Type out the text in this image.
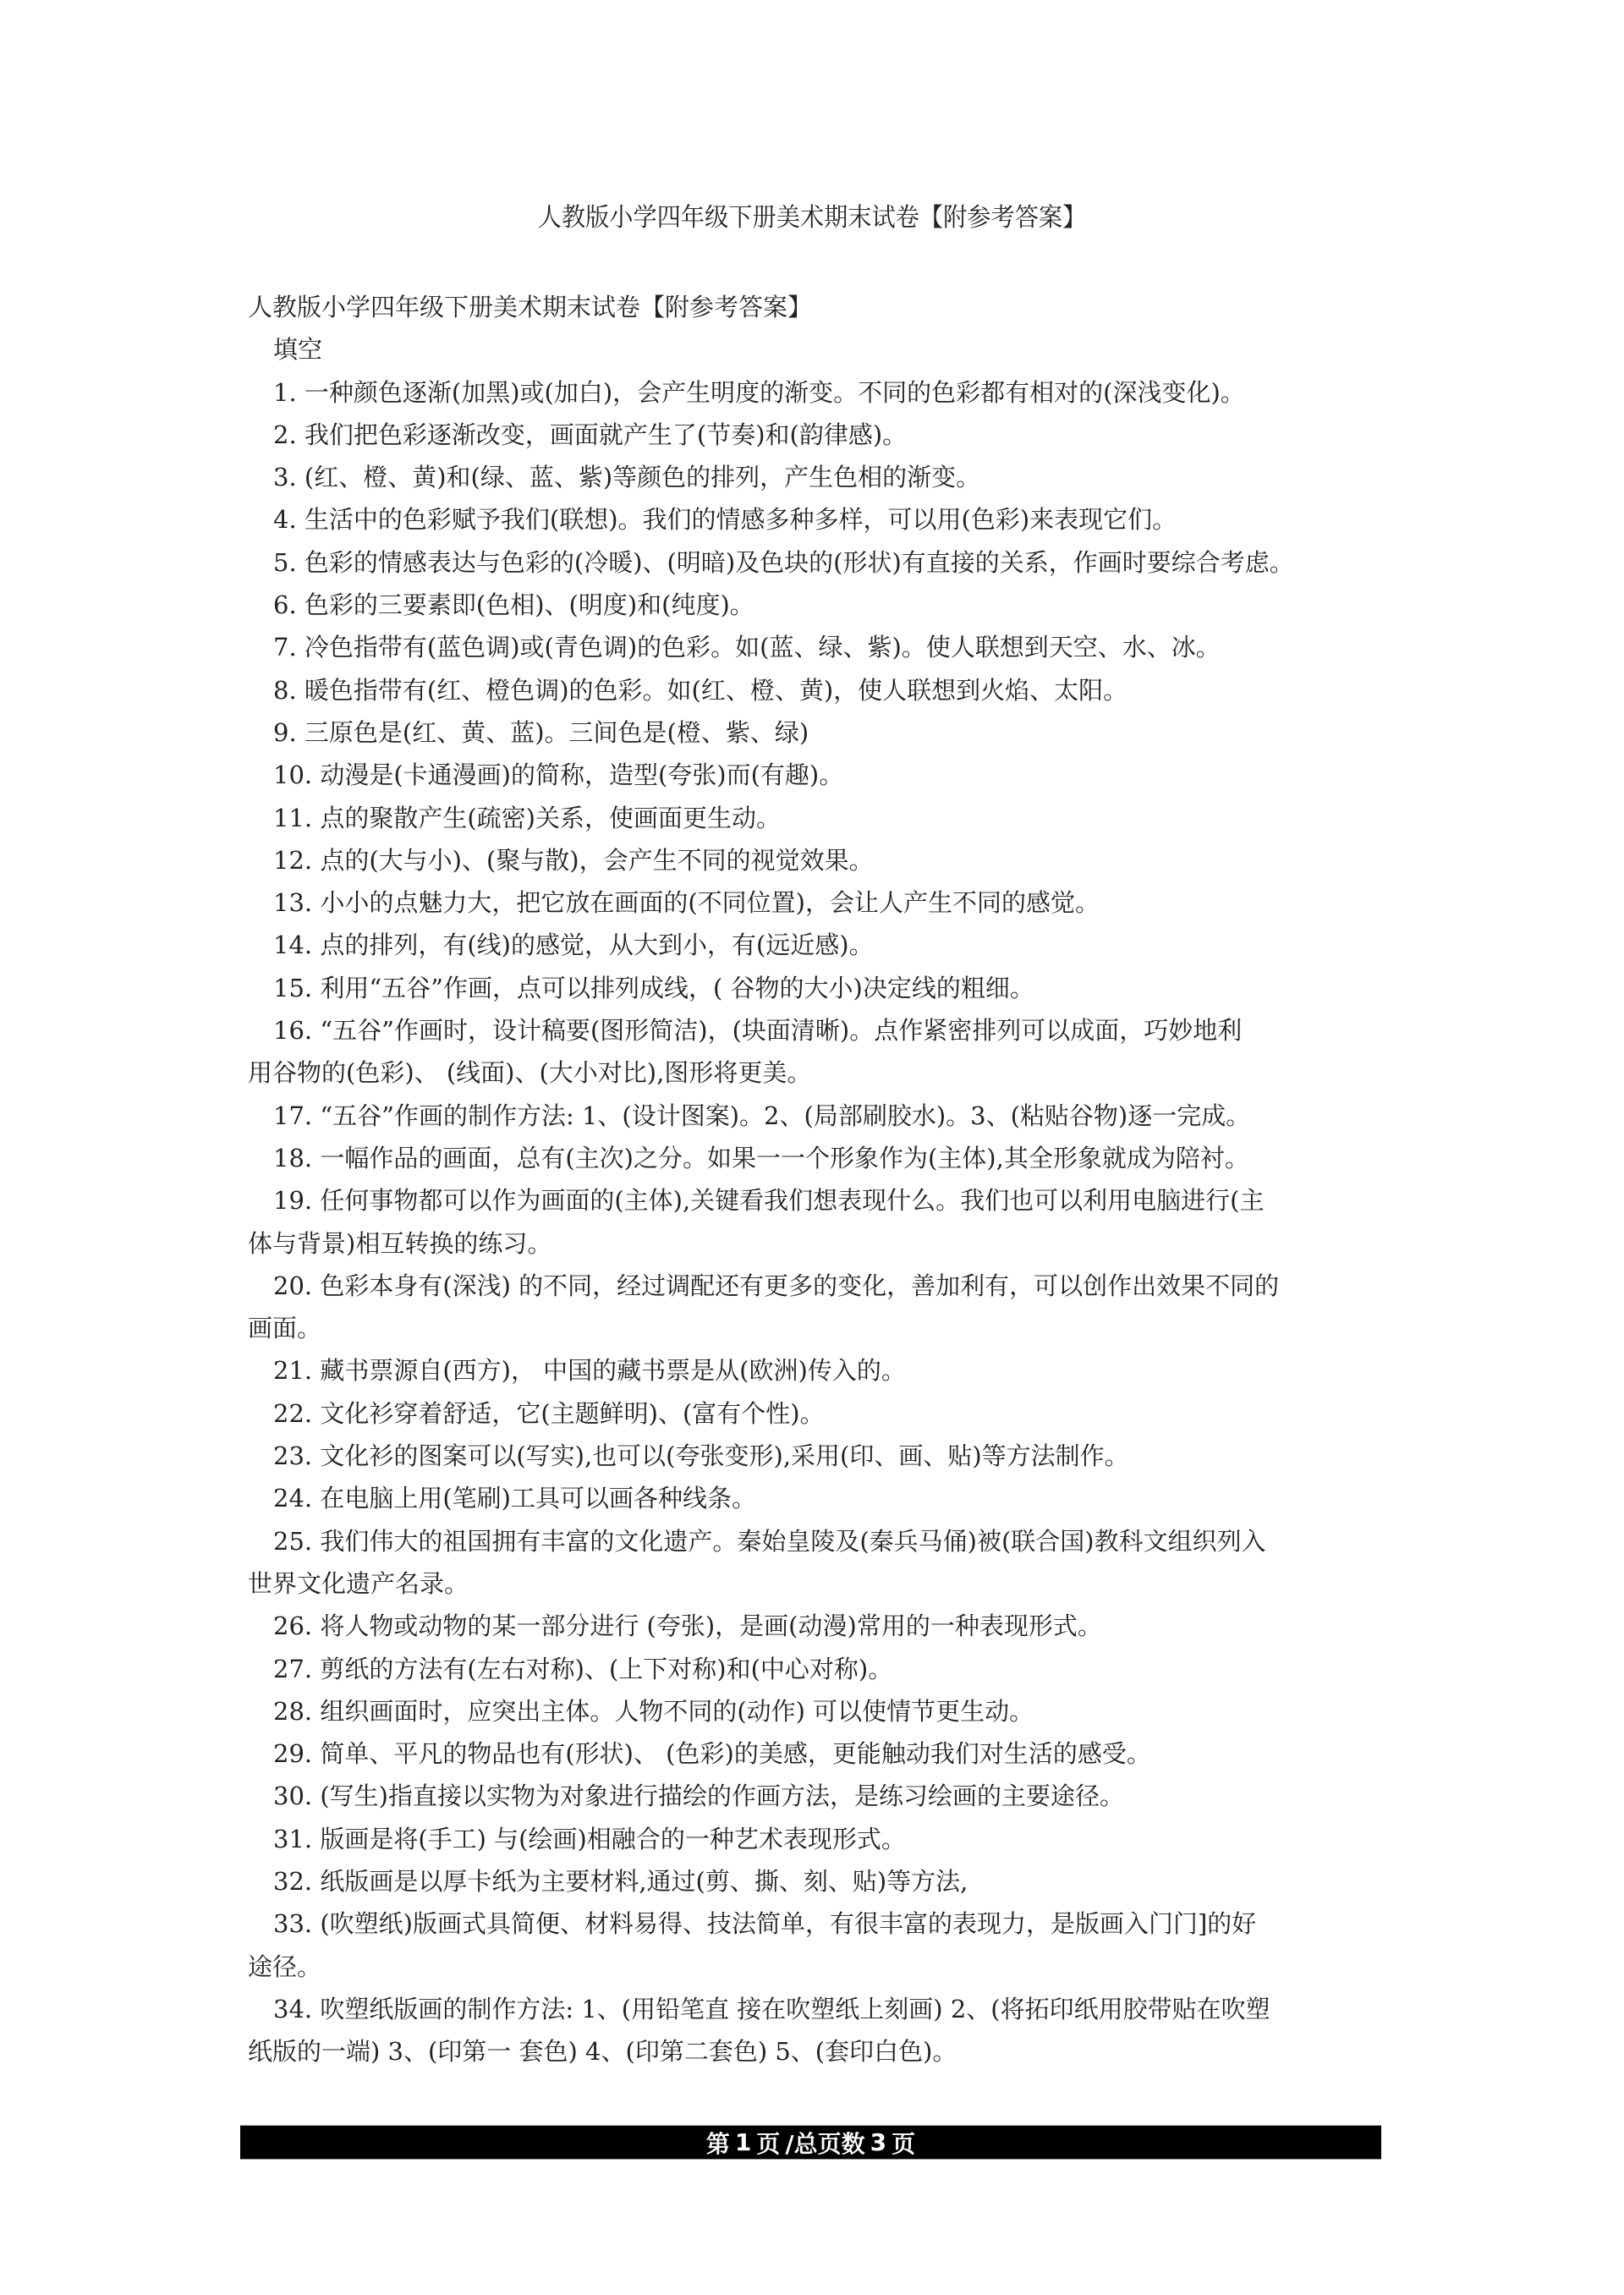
人教版小学四年级下册美术期末试卷【附参考答案】
人教版小学四年级下册美术期末试卷【附参考答案】
填空
1. 一种颜色逐渐(加黑)或(加白)，会产生明度的渐变。不同的色彩都有相对的(深浅变化)。
2. 我们把色彩逐渐改变，画面就产生了(节奏)和(韵律感)。
3. (红、橙、黄)和(绿、蓝、紫)等颜色的排列，产生色相的渐变。
4. 生活中的色彩赋予我们(联想)。我们的情感多种多样，可以用(色彩)来表现它们。
5. 色彩的情感表达与色彩的(冷暖)、(明暗)及色块的(形状)有直接的关系，作画时要综合考虑。
6. 色彩的三要素即(色相)、(明度)和(纯度)。
7. 冷色指带有(蓝色调)或(青色调)的色彩。如(蓝、绿、紫)。使人联想到天空、水、冰。
8. 暖色指带有(红、橙色调)的色彩。如(红、橙、黄)，使人联想到火焰、太阳。
9. 三原色是(红、黄、蓝)。三间色是(橙、紫、绿)
10. 动漫是(卡通漫画)的简称，造型(夸张)而(有趣)。
11. 点的聚散产生(疏密)关系，使画面更生动。
12. 点的(大与小)、(聚与散)，会产生不同的视觉效果。
13. 小小的点魅力大，把它放在画面的(不同位置)，会让人产生不同的感觉。
14. 点的排列，有(线)的感觉，从大到小，有(远近感)。
15. 利用“五谷”作画，点可以排列成线，( 谷物的大小)决定线的粗细。
16. “五谷”作画时，设计稿要(图形简洁)，(块面清晰)。点作紧密排列可以成面，巧妙地利
用谷物的(色彩)、 (线面)、(大小对比),图形将更美。
17. “五谷”作画的制作方法: 1、(设计图案)。2、(局部刷胶水)。3、(粘贴谷物)逐一完成。
18. 一幅作品的画面，总有(主次)之分。如果一一个形象作为(主体),其全形象就成为陪衬。
19. 任何事物都可以作为画面的(主体),关键看我们想表现什么。我们也可以利用电脑进行(主
体与背景)相互转换的练习。
20. 色彩本身有(深浅) 的不同，经过调配还有更多的变化，善加利有，可以创作出效果不同的
画面。
21. 藏书票源自(西方)， 中国的藏书票是从(欧洲)传入的。
22. 文化衫穿着舒适，它(主题鲜明)、(富有个性)。
23. 文化衫的图案可以(写实),也可以(夸张变形),采用(印、画、贴)等方法制作。
24. 在电脑上用(笔刷)工具可以画各种线条。
25. 我们伟大的祖国拥有丰富的文化遗产。秦始皇陵及(秦兵马俑)被(联合国)教科文组织列入
世界文化遗产名录。
26. 将人物或动物的某一部分进行 (夸张)，是画(动漫)常用的一种表现形式。
27. 剪纸的方法有(左右对称)、(上下对称)和(中心对称)。
28. 组织画面时，应突出主体。人物不同的(动作) 可以使情节更生动。
29. 简单、平凡的物品也有(形状)、 (色彩)的美感，更能触动我们对生活的感受。
30. (写生)指直接以实物为对象进行描绘的作画方法，是练习绘画的主要途径。
31. 版画是将(手工) 与(绘画)相融合的一种艺术表现形式。
32. 纸版画是以厚卡纸为主要材料,通过(剪、撕、刻、贴)等方法,
33. (吹塑纸)版画式具简便、材料易得、技法简单，有很丰富的表现力，是版画入门门]的好
途径。
34. 吹塑纸版画的制作方法: 1、(用铅笔直 接在吹塑纸上刻画) 2、(将拓印纸用胶带贴在吹塑
纸版的一端) 3、(印第一 套色) 4、(印第二套色) 5、(套印白色)。
第 1 页 /总页数 3 页
